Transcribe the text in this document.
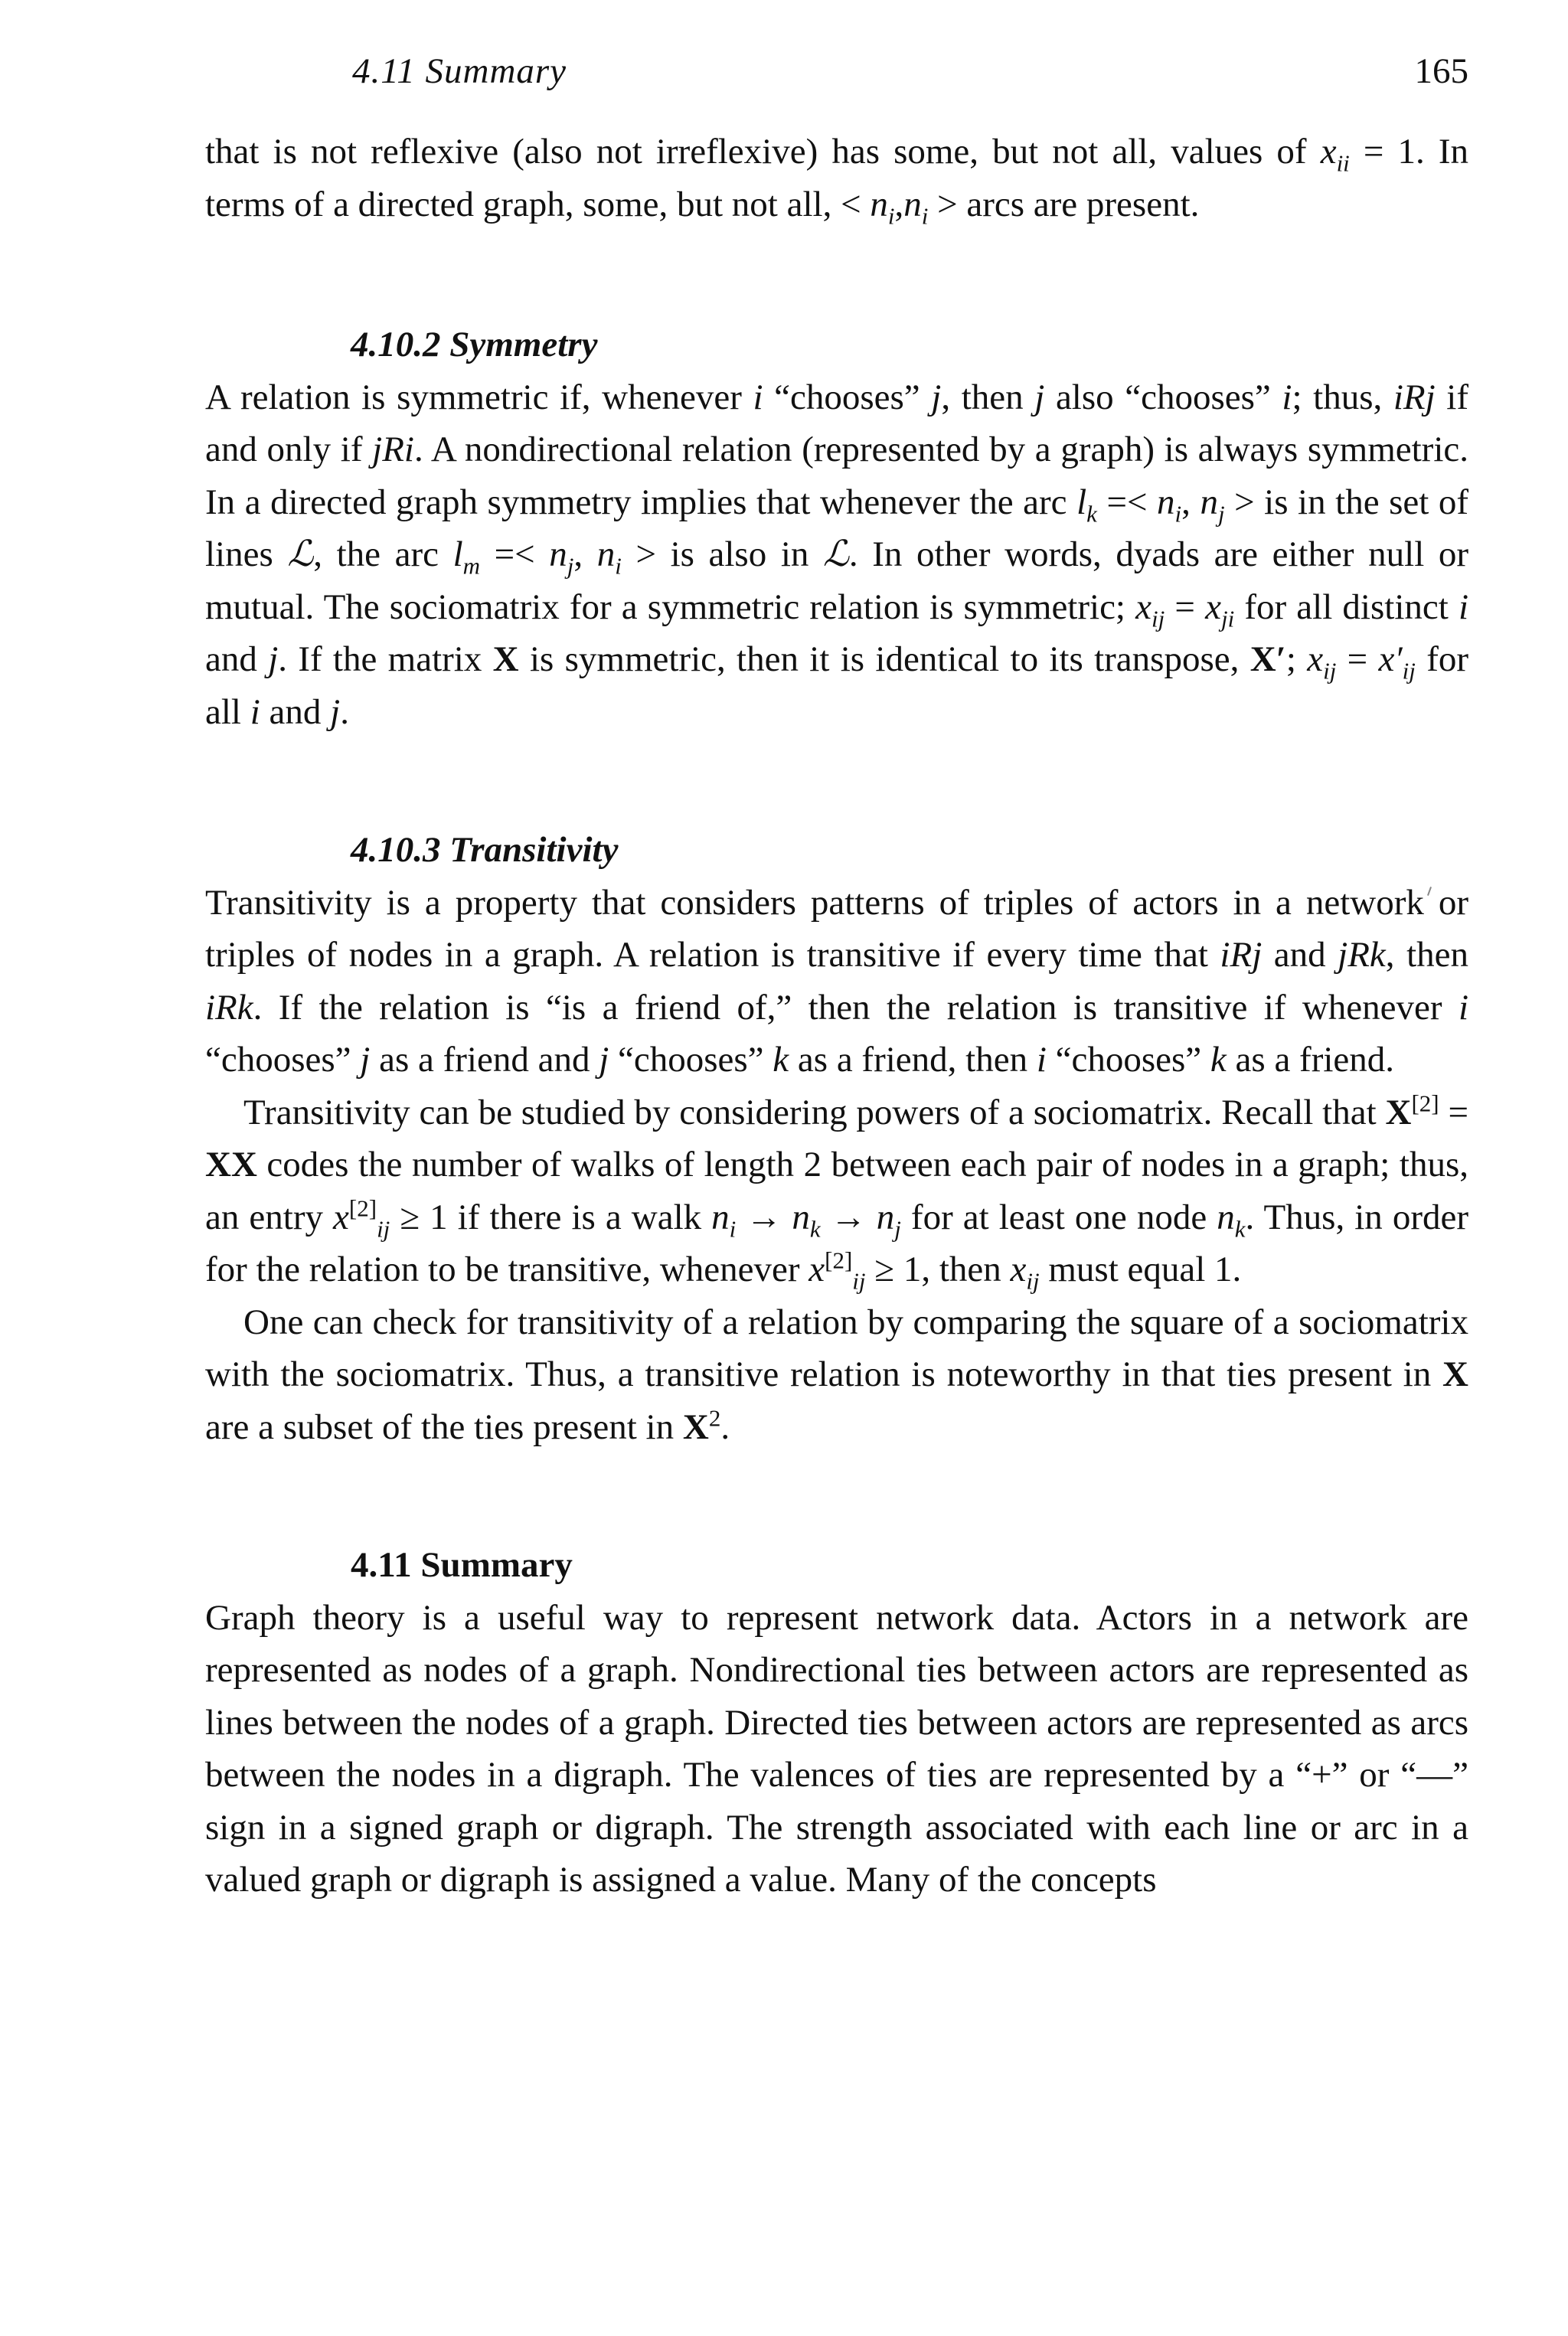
4.11 Summary	165

that is not reflexive (also not irreflexive) has some, but not all, values of $x_{ii} = 1$. In terms of a directed graph, some, but not all, < $n_i,n_i$ > arcs are present.

4.10.2 Symmetry

A relation is symmetric if, whenever i “chooses” j, then j also “chooses” i; thus, iRj if and only if jRi. A nondirectional relation (represented by a graph) is always symmetric. In a directed graph symmetry implies that whenever the arc $l_k =< n_i$, $n_j$ > is in the set of lines ℒ, the arc $l_m =< n_j$, $n_i$ > is also in ℒ. In other words, dyads are either null or mutual. The sociomatrix for a symmetric relation is symmetric; $x_{ij} = x_{ji}$ for all distinct i and j. If the matrix X is symmetric, then it is identical to its transpose, X′; $x_{ij} = x'_{ij}$ for all i and j.

4.10.3 Transitivity

Transitivity is a property that considers patterns of triples of actors in a network or triples of nodes in a graph. A relation is transitive if every time that iRj and jRk, then iRk. If the relation is “is a friend of,” then the relation is transitive if whenever i “chooses” j as a friend and j “chooses” k as a friend, then i “chooses” k as a friend.

Transitivity can be studied by considering powers of a sociomatrix. Recall that X[2] = XX codes the number of walks of length 2 between each pair of nodes in a graph; thus, an entry $x[2]_{ij} \ge 1$ if there is a walk $n_i \to n_k \to n_j$ for at least one node $n_k$. Thus, in order for the relation to be transitive, whenever $x[2]_{ij} \ge 1$, then $x_{ij}$ must equal 1.

One can check for transitivity of a relation by comparing the square of a sociomatrix with the sociomatrix. Thus, a transitive relation is noteworthy in that ties present in X are a subset of the ties present in $X^2$.

4.11 Summary

Graph theory is a useful way to represent network data. Actors in a network are represented as nodes of a graph. Nondirectional ties between actors are represented as lines between the nodes of a graph. Directed ties between actors are represented as arcs between the nodes in a digraph. The valences of ties are represented by a “+” or “—” sign in a signed graph or digraph. The strength associated with each line or arc in a valued graph or digraph is assigned a value. Many of the concepts
